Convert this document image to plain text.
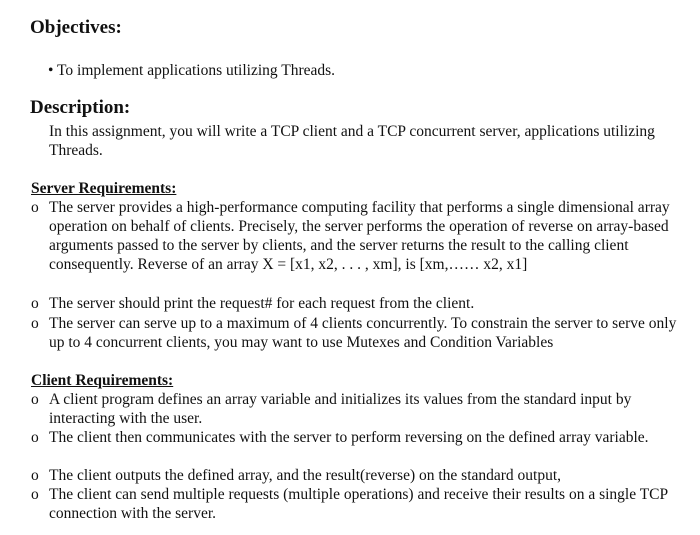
Objectives:
• To implement applications utilizing Threads.
Description:
In this assignment, you will write a TCP client and a TCP concurrent server, applications utilizing Threads.
Server Requirements:
o The server provides a high-performance computing facility that performs a single dimensional array operation on behalf of clients. Precisely, the server performs the operation of reverse on array-based arguments passed to the server by clients, and the server returns the result to the calling client consequently. Reverse of an array X = [x1, x2, . . . , xm], is [xm,…… x2, x1]
o The server should print the request# for each request from the client.
o The server can serve up to a maximum of 4 clients concurrently. To constrain the server to serve only up to 4 concurrent clients, you may want to use Mutexes and Condition Variables
Client Requirements:
o A client program defines an array variable and initializes its values from the standard input by interacting with the user.
o The client then communicates with the server to perform reversing on the defined array variable.
o The client outputs the defined array, and the result(reverse) on the standard output,
o The client can send multiple requests (multiple operations) and receive their results on a single TCP connection with the server.
